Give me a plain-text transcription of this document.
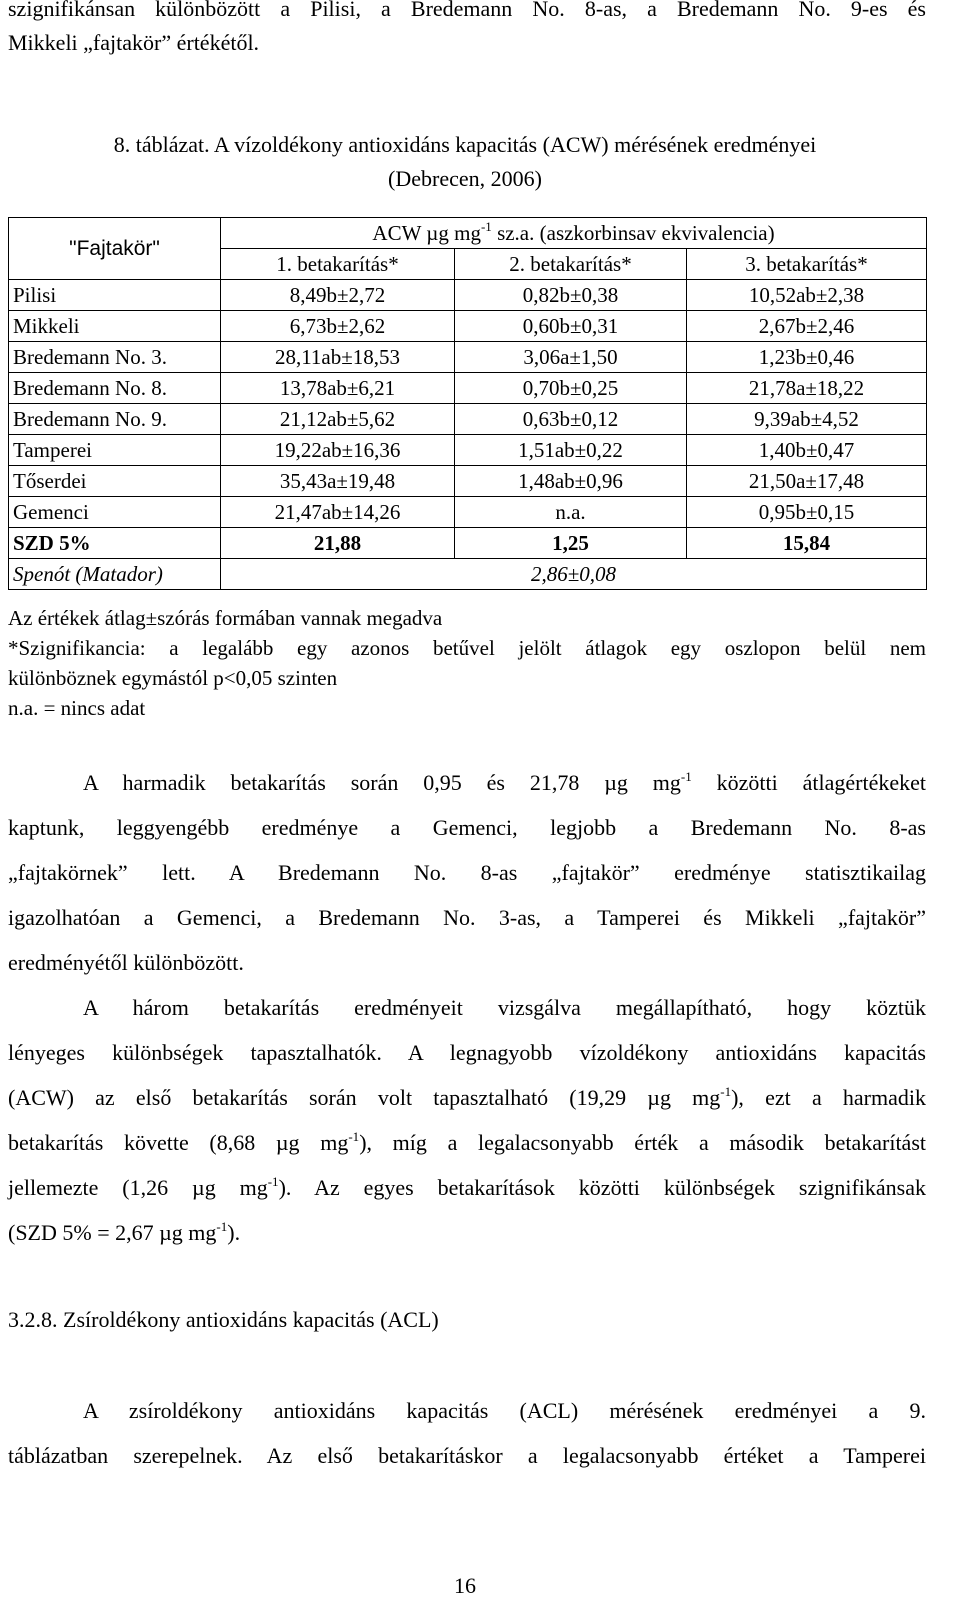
szignifikánsan különbözött a Pilisi, a Bredemann No. 8-as, a Bredemann No. 9-es és

Mikkeli „fajtakör” értékétől.

8. táblázat. A vízoldékony antioxidáns kapacitás (ACW) mérésének eredményei
(Debrecen, 2006)
"Fajtakör"	ACW µg $mg^{-1}$ sz.a. (aszkorbinsav ekvivalencia)		
	1. betakarítás*	2. betakarítás*	3. betakarítás*
Pilisi	8,49b±2,72	0,82b±0,38	10,52ab±2,38
Mikkeli	6,73b±2,62	0,60b±0,31	2,67b±2,46
Bredemann No. 3.	28,11ab±18,53	3,06a±1,50	1,23b±0,46
Bredemann No. 8.	13,78ab±6,21	0,70b±0,25	21,78a±18,22
Bredemann No. 9.	21,12ab±5,62	0,63b±0,12	9,39ab±4,52
Tamperei	19,22ab±16,36	1,51ab±0,22	1,40b±0,47
Tőserdei	35,43a±19,48	1,48ab±0,96	21,50a±17,48
Gemenci	21,47ab±14,26	n.a.	0,95b±0,15
SZD 5%	21,88	1,25	15,84
Spenót (Matador)	2,86±0,08		
Az értékek átlag±szórás formában vannak megadva
*Szignifikancia: a legalább egy azonos betűvel jelölt átlagok egy oszlopon belül nem
különböznek egymástól p<0,05 szinten
n.a. = nincs adat

A harmadik betakarítás során 0,95 és 21,78 µg $mg^{-1}$ közötti átlagértékeket

kaptunk, leggyengébb eredménye a Gemenci, legjobb a Bredemann No. 8-as

„fajtakörnek” lett. A Bredemann No. 8-as „fajtakör” eredménye statisztikailag

igazolhatóan a Gemenci, a Bredemann No. 3-as, a Tamperei és Mikkeli „fajtakör”

eredményétől különbözött.

A három betakarítás eredményeit vizsgálva megállapítható, hogy köztük

lényeges különbségek tapasztalhatók. A legnagyobb vízoldékony antioxidáns kapacitás

(ACW) az első betakarítás során volt tapasztalható (19,29 µg $mg^{-1}$), ezt a harmadik

betakarítás követte (8,68 µg $mg^{-1}$), míg a legalacsonyabb érték a második betakarítást

jellemezte (1,26 µg $mg^{-1}$). Az egyes betakarítások közötti különbségek szignifikánsak

(SZD 5% = 2,67 µg $mg^{-1}$).

3.2.8. Zsíroldékony antioxidáns kapacitás (ACL)

A zsíroldékony antioxidáns kapacitás (ACL) mérésének eredményei a 9.

táblázatban szerepelnek. Az első betakarításkor a legalacsonyabb értéket a Tamperei

16
